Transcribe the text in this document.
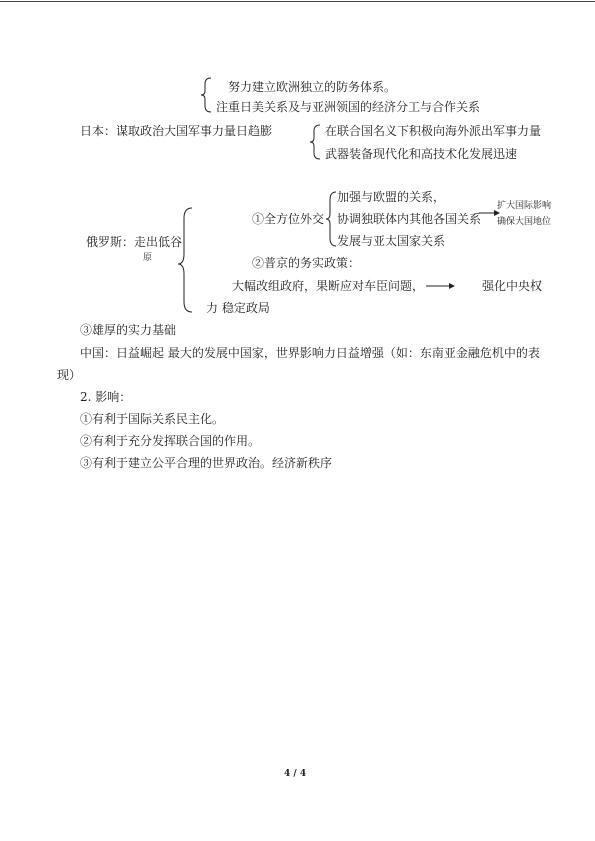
努力建立欧洲独立的防务体系。
注重日美关系及与亚洲领国的经济分工与合作关系
日本：谋取政治大国军事力量日趋膨	在联合国名义下积极向海外派出军事力量
武器装备现代化和高技术化发展迅速
俄罗斯：走出低谷
原
①全方位外交
加强与欧盟的关系，
协调独联体内其他各国关系
发展与亚太国家关系
扩大国际影响
确保大国地位
②普京的务实政策：
大幅改组政府，果断应对车臣问题，	强化中央权
力 稳定政局
③雄厚的实力基础
中国：日益崛起 最大的发展中国家，世界影响力日益增强（如：东南亚金融危机中的表
现）
2. 影响：
①有利于国际关系民主化。
②有利于充分发挥联合国的作用。
③有利于建立公平合理的世界政治。经济新秩序
4 / 4
